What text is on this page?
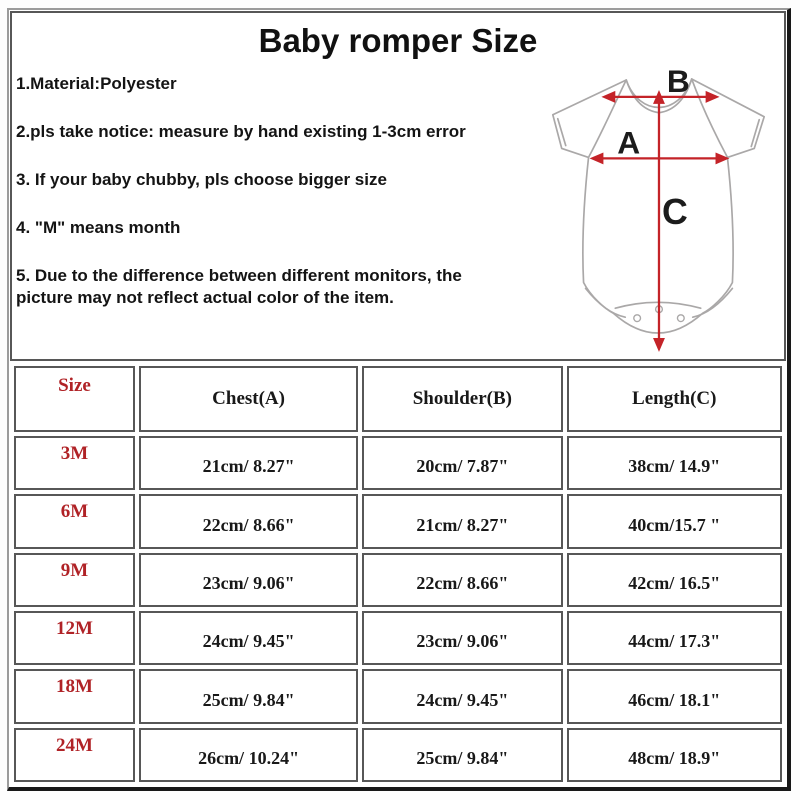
Baby romper Size

1.Material:Polyester

2.pls take notice: measure by hand existing 1-3cm error

3. If your baby chubby, pls choose bigger size

4. "M" means month

5. Due to the difference between different monitors, the picture may not reflect actual color of the item.

A
B
C
Size	Chest(A)	Shoulder(B)	Length(C)
3M	21cm/ 8.27"	20cm/ 7.87"	38cm/ 14.9"
6M	22cm/ 8.66"	21cm/ 8.27"	40cm/15.7 "
9M	23cm/ 9.06"	22cm/ 8.66"	42cm/ 16.5"
12M	24cm/ 9.45"	23cm/ 9.06"	44cm/ 17.3"
18M	25cm/ 9.84"	24cm/ 9.45"	46cm/ 18.1"
24M	26cm/ 10.24"	25cm/ 9.84"	48cm/ 18.9"
